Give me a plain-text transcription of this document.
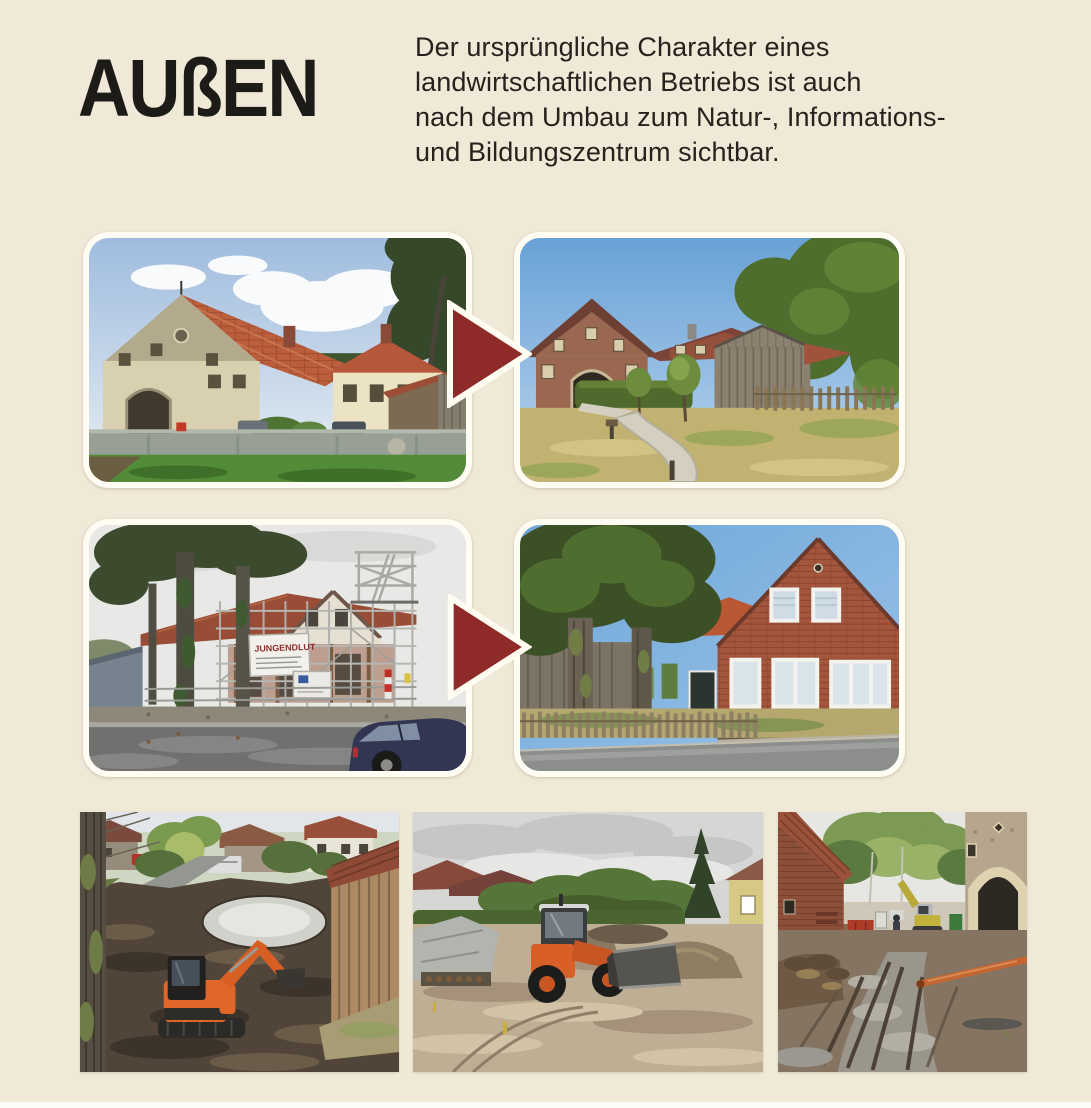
AUßEN	Der ursprüngliche Charakter eines
landwirtschaftlichen Betriebs ist auch
nach dem Umbau zum Natur-, Informations-
und Bildungszentrum sichtbar.
JUNGENDLUT
